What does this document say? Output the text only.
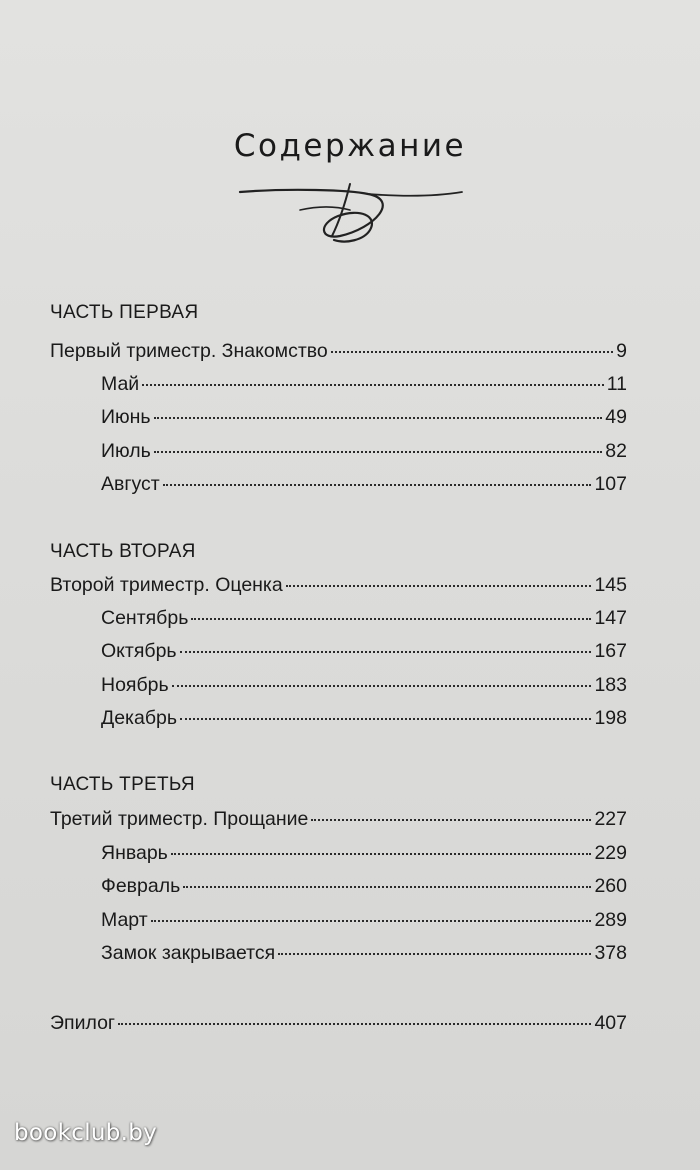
Содержание
ЧАСТЬ ПЕРВАЯ
Первый триместр. Знакомство	9
Май	11
Июнь	49
Июль	82
Август	107
ЧАСТЬ ВТОРАЯ
Второй триместр. Оценка	145
Сентябрь	147
Октябрь	167
Ноябрь	183
Декабрь	198
ЧАСТЬ ТРЕТЬЯ
Третий триместр. Прощание	227
Январь	229
Февраль	260
Март	289
Замок закрывается	378
Эпилог	407
bookclub.by
